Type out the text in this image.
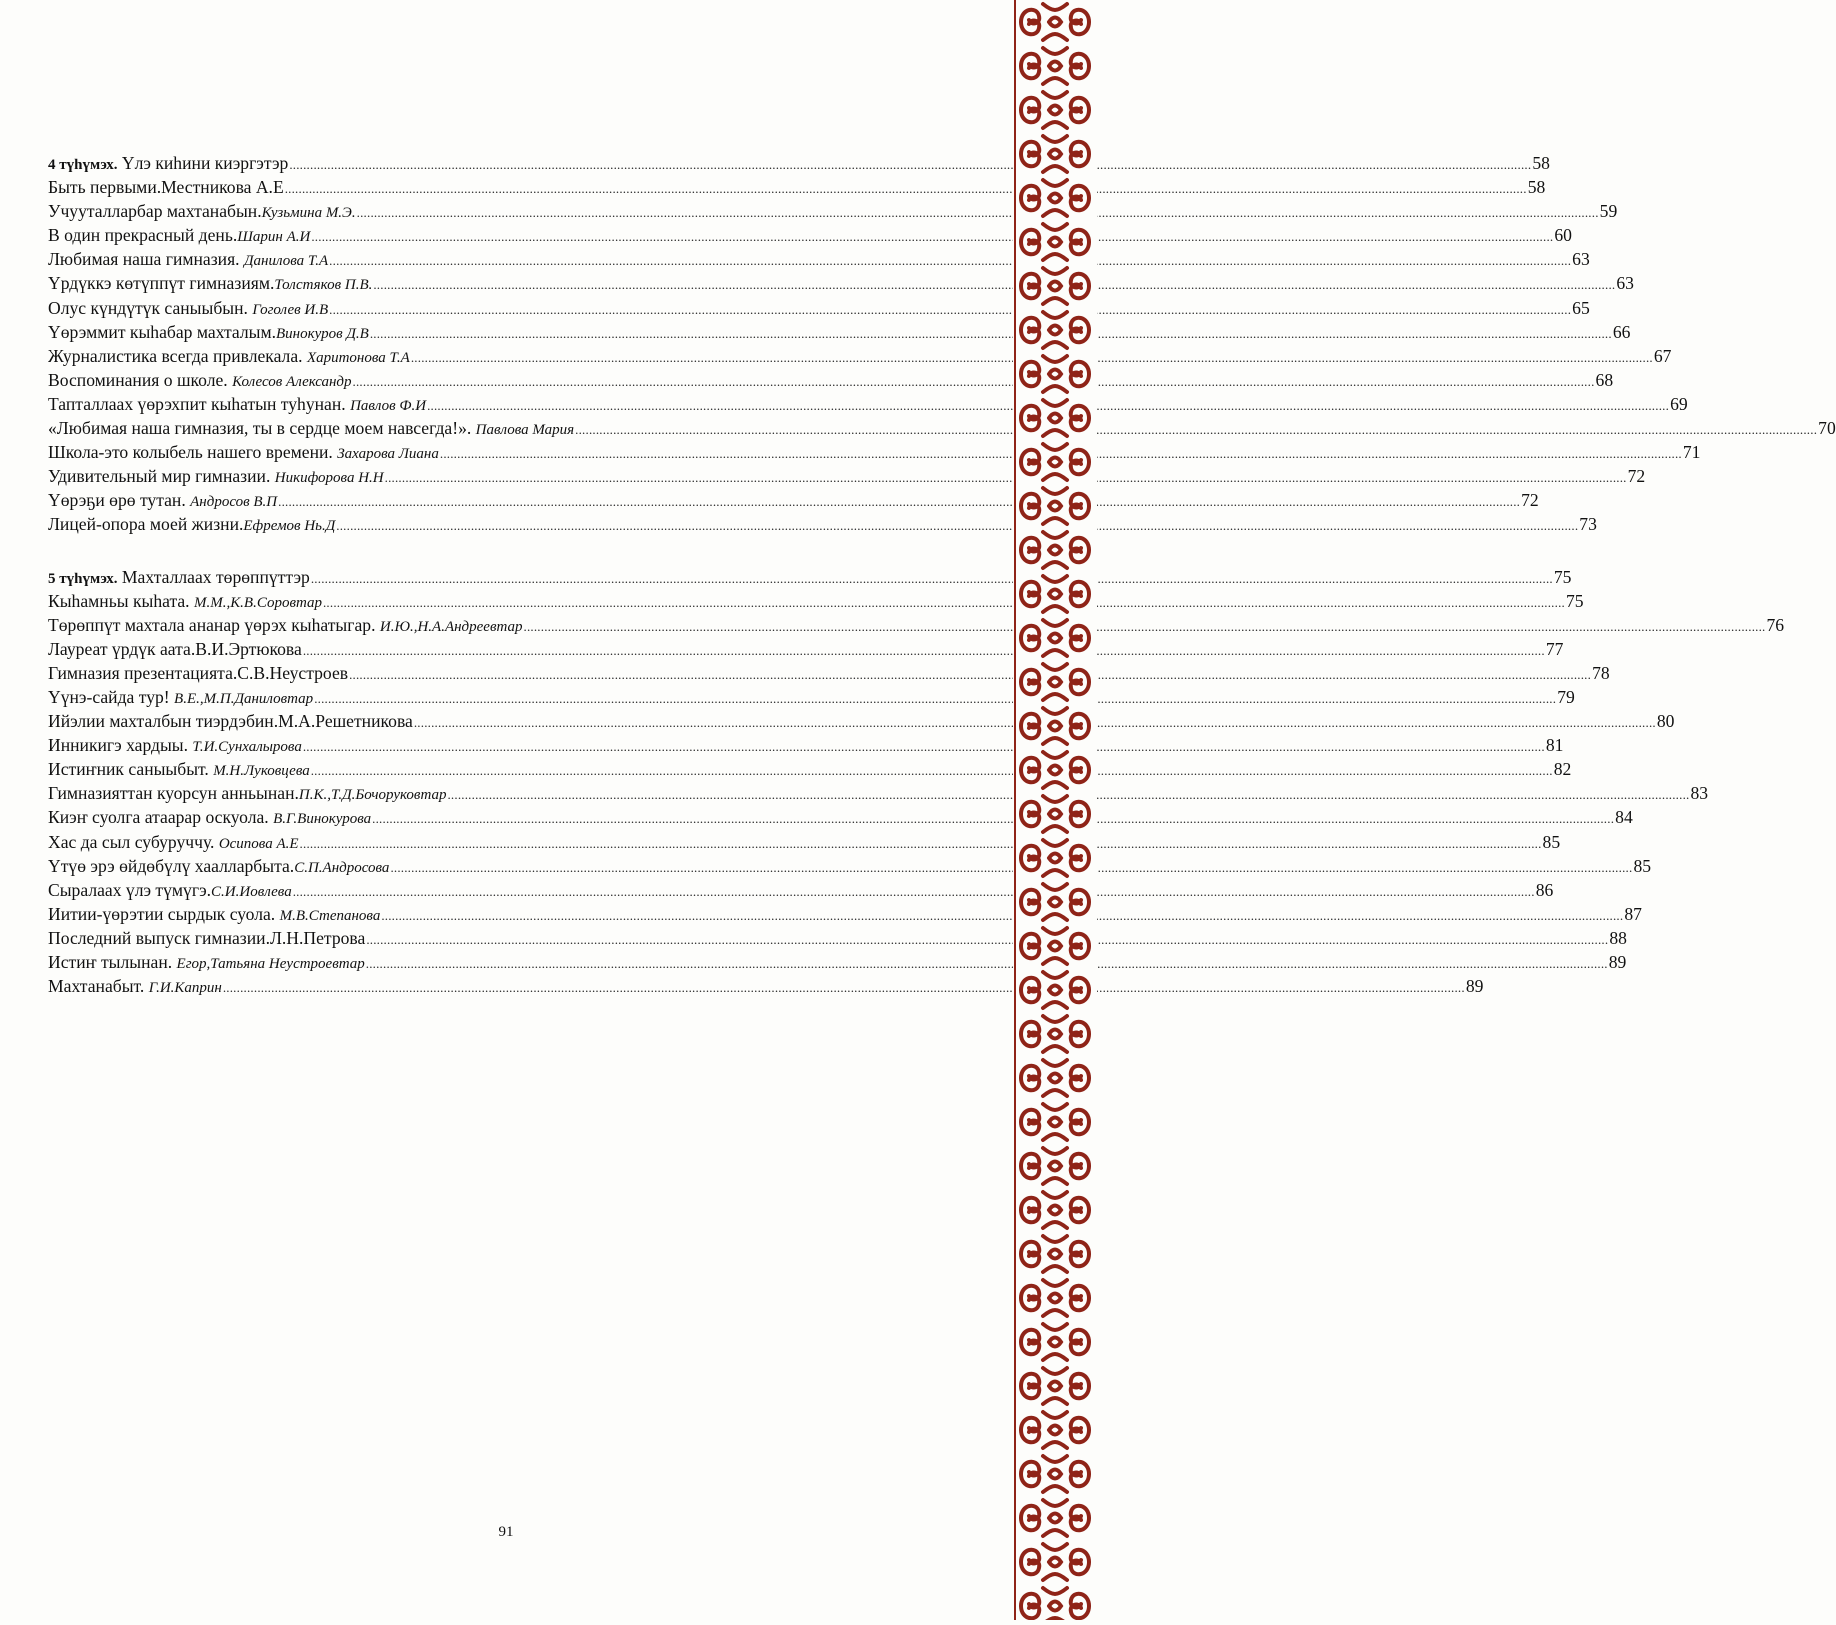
4 түһүмэх. Үлэ киһини киэргэтэр .....	58
Быть первыми.Местникова А.Е .....	58
Учууталларбар махтанабын.Кузьмина М.Э. .....	59
В один прекрасный день.Шарин А.И .....	60
Любимая наша гимназия. Данилова Т.А .....	63
Үрдүккэ көтүппүт гимназиям.Толстяков П.В. .....	63
Олус күндүтүк саныыбын. Гоголев И.В .....	65
Үөрэммит кыһабар махталым.Винокуров Д.В .....	66
Журналистика всегда привлекала. Харитонова Т.А .....	67
Воспоминания о школе. Колесов Александр .....	68
Тапталлаах үөрэхпит кыһатын туһунан. Павлов Ф.И .....	69
«Любимая наша гимназия, ты в сердце моем навсегда!». Павлова Мария .....	70
Школа-это колыбель нашего времени. Захарова Лиана .....	71
Удивительный мир гимназии. Никифорова Н.Н .....	72
Үөрэҕи өрө тутан. Андросов В.П .....	72
Лицей-опора моей жизни.Ефремов Нь.Д .....	73
5 түһүмэх. Махталлаах төрөппүттэр .....	75
Кыһамньы кыһата. М.М.,К.В.Соровтар .....	75
Төрөппүт махтала ананар үөрэх кыһатыгар. И.Ю.,Н.А.Андреевтар .....	76
Лауреат үрдүк аата.В.И.Эртюкова .....	77
Гимназия презентацията.С.В.Неустроев .....	78
Үүнэ-сайда тур! В.Е.,М.П.Даниловтар .....	79
Ийэлии махталбын тиэрдэбин.М.А.Решетникова .....	80
Инникигэ хардыы. Т.И.Сунхалырова .....	81
Истиҥник саныыбыт. М.Н.Луковцева .....	82
Гимназияттан куорсун анньынан.П.К.,Т.Д.Бочоруковтар .....	83
Киэҥ суолга атаарар оскуола. В.Г.Винокурова .....	84
Хас да сыл субуруччу. Осипова А.Е .....	85
Үтүө эрэ өйдөбүлү хаалларбыта.С.П.Андросова .....	85
Сыралаах үлэ түмүгэ.С.И.Иовлева .....	86
Иитии-үөрэтии сырдык суола. М.В.Степанова .....	87
Последний выпуск гимназии.Л.Н.Петрова .....	88
Истиҥ тылынан. Егор,Татьяна Неустроевтар .....	89
Махтанабыт. Г.И.Каприн .....	89
91
